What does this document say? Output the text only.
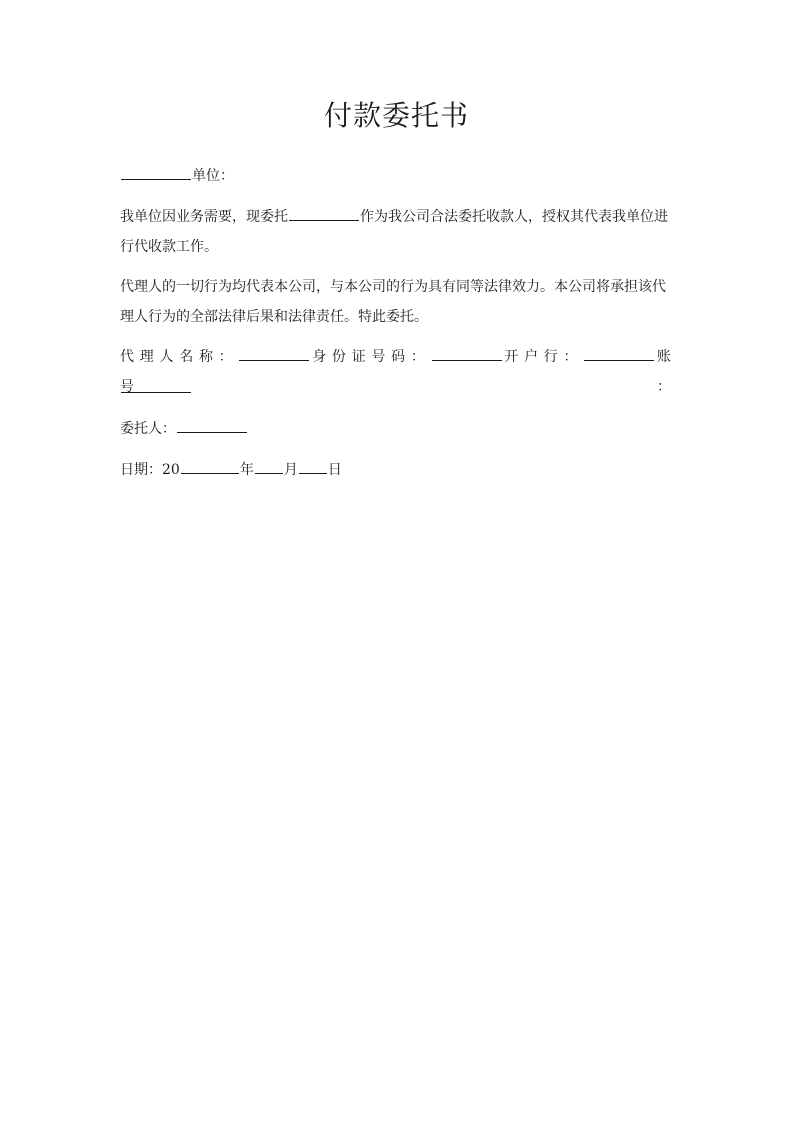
付款委托书

单位：

我单位因业务需要，现委托	作为我公司合法委托收款人，授权其代表我单位进行代收款工作。

代理人的一切行为均代表本公司，与本公司的行为具有同等法律效力。本公司将承担该代理人行为的全部法律后果和法律责任。特此委托。

代理人名称：	身份证号码：	开户行：	账号：

委托人：

日期：20	年 月 日
